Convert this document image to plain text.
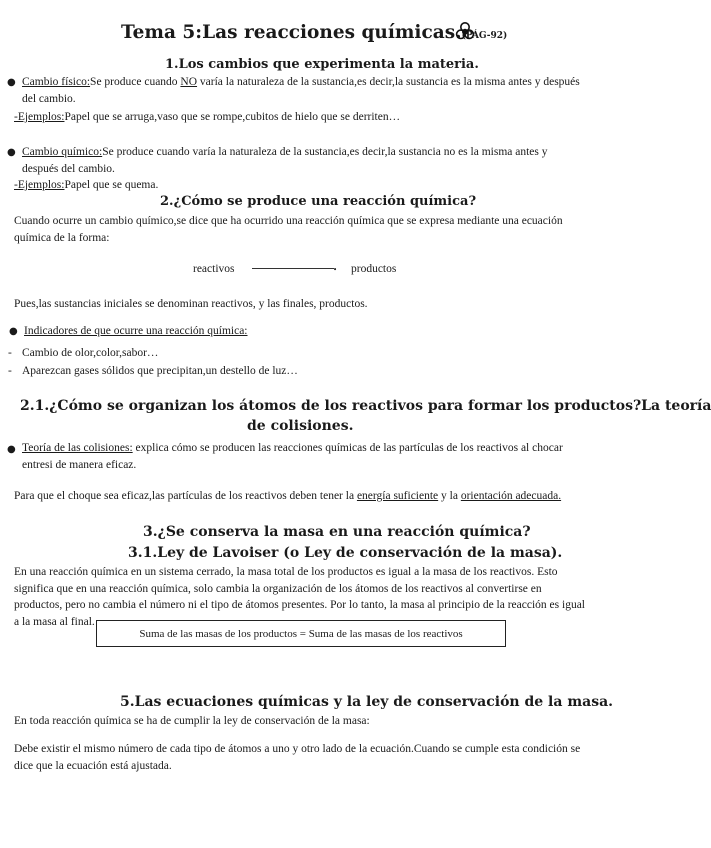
Tema 5:Las reacciones químicas.(PÁG-92)
1.Los cambios que experimenta la materia.
● Cambio físico:Se produce cuando NO varía la naturaleza de la sustancia,es decir,la sustancia es la misma antes y después del cambio.
-Ejemplos:Papel que se arruga,vaso que se rompe,cubitos de hielo que se derriten…
● Cambio químico:Se produce cuando varía la naturaleza de la sustancia,es decir,la sustancia no es la misma antes y después del cambio.
-Ejemplos:Papel que se quema.
2.¿Cómo se produce una reacción química?
Cuando ocurre un cambio químico,se dice que ha ocurrido una reacción química que se expresa mediante una ecuación química de la forma:
reactivos	• productos
Pues,las sustancias iniciales se denominan reactivos, y las finales, productos.
● Indicadores de que ocurre una reacción química:
- Cambio de olor,color,sabor…
- Aparezcan gases sólidos que precipitan,un destello de luz…
2.1.¿Cómo se organizan los átomos de los reactivos para formar los productos?La teoría
de colisiones.
● Teoría de las colisiones: explica cómo se producen las reacciones químicas de las partículas de los reactivos al chocar entresi de manera eficaz.
Para que el choque sea eficaz,las partículas de los reactivos deben tener la energía suficiente y la orientación adecuada.
3.¿Se conserva la masa en una reacción química?
3.1.Ley de Lavoiser (o Ley de conservación de la masa).
En una reacción química en un sistema cerrado, la masa total de los productos es igual a la masa de los reactivos. Esto significa que en una reacción química, solo cambia la organización de los átomos de los reactivos al convertirse en productos, pero no cambia el número ni el tipo de átomos presentes. Por lo tanto, la masa al principio de la reacción es igual a la masa al final.
Suma de las masas de los productos = Suma de las masas de los reactivos
5.Las ecuaciones químicas y la ley de conservación de la masa.
En toda reacción química se ha de cumplir la ley de conservación de la masa:
Debe existir el mismo número de cada tipo de átomos a uno y otro lado de la ecuación.Cuando se cumple esta condición se dice que la ecuación está ajustada.
